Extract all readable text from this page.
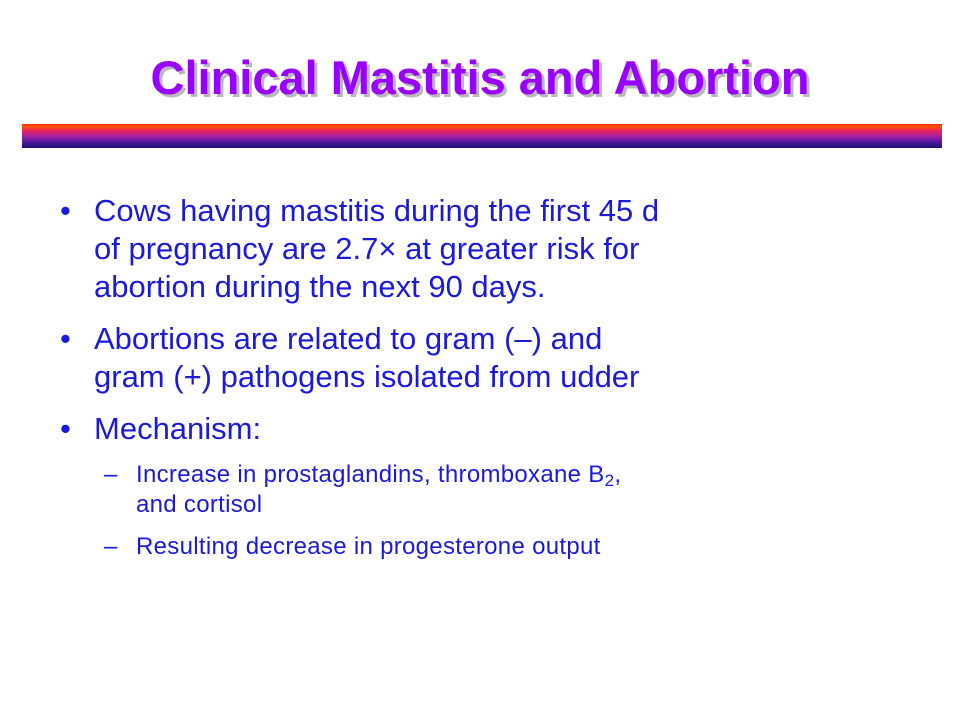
Clinical Mastitis and Abortion
• Cows having mastitis during the first 45 d
of pregnancy are 2.7× at greater risk for
abortion during the next 90 days.
• Abortions are related to gram (–) and
gram (+) pathogens isolated from udder
• Mechanism:
– Increase in prostaglandins, thromboxane $B_2$,
and cortisol
– Resulting decrease in progesterone output
